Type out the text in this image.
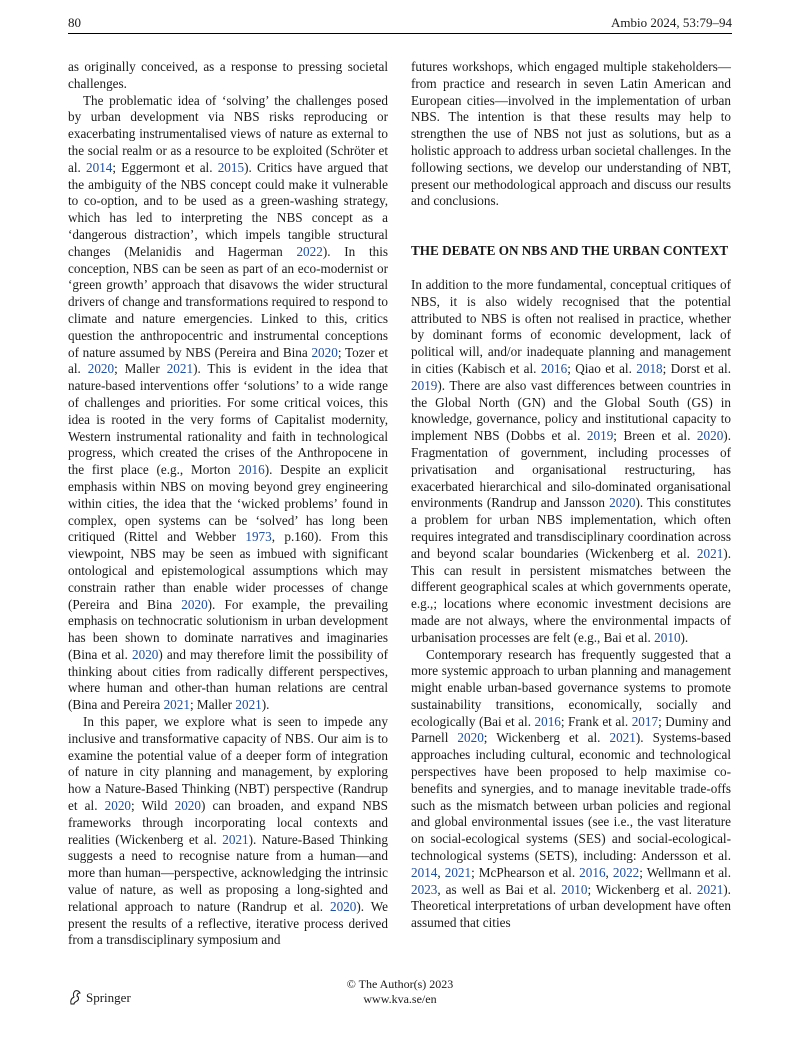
80	Ambio 2024, 53:79–94

as originally conceived, as a response to pressing societal challenges.

The problematic idea of ‘solving’ the challenges posed by urban development via NBS risks reproducing or exacerbating instrumentalised views of nature as external to the social realm or as a resource to be exploited (Schröter et al. 2014; Eggermont et al. 2015). Critics have argued that the ambiguity of the NBS concept could make it vulnerable to co-option, and to be used as a green-washing strategy, which has led to interpreting the NBS concept as a ‘dangerous distraction’, which impels tangible structural changes (Melanidis and Hagerman 2022). In this conception, NBS can be seen as part of an eco-modernist or ‘green growth’ approach that disavows the wider structural drivers of change and transformations required to respond to climate and nature emergencies. Linked to this, critics question the anthropocentric and instrumental conceptions of nature assumed by NBS (Pereira and Bina 2020; Tozer et al. 2020; Maller 2021). This is evident in the idea that nature-based interventions offer ‘solutions’ to a wide range of challenges and priorities. For some critical voices, this idea is rooted in the very forms of Capitalist modernity, Western instrumental rationality and faith in technological progress, which created the crises of the Anthropocene in the first place (e.g., Morton 2016). Despite an explicit emphasis within NBS on moving beyond grey engineering within cities, the idea that the ‘wicked problems’ found in complex, open systems can be ‘solved’ has long been critiqued (Rittel and Webber 1973, p.160). From this viewpoint, NBS may be seen as imbued with significant ontological and epistemological assumptions which may constrain rather than enable wider processes of change (Pereira and Bina 2020). For example, the prevailing emphasis on technocratic solutionism in urban development has been shown to dominate narratives and imaginaries (Bina et al. 2020) and may therefore limit the possibility of thinking about cities from radically different perspectives, where human and other-than human relations are central (Bina and Pereira 2021; Maller 2021).

In this paper, we explore what is seen to impede any inclusive and transformative capacity of NBS. Our aim is to examine the potential value of a deeper form of integration of nature in city planning and management, by exploring how a Nature-Based Thinking (NBT) perspective (Randrup et al. 2020; Wild 2020) can broaden, and expand NBS frameworks through incorporating local contexts and realities (Wickenberg et al. 2021). Nature-Based Thinking suggests a need to recognise nature from a human—and more than human—perspective, acknowledging the intrinsic value of nature, as well as proposing a long-sighted and relational approach to nature (Randrup et al. 2020). We present the results of a reflective, iterative process derived from a transdisciplinary symposium and

futures workshops, which engaged multiple stakeholders—from practice and research in seven Latin American and European cities—involved in the implementation of urban NBS. The intention is that these results may help to strengthen the use of NBS not just as solutions, but as a holistic approach to address urban societal challenges. In the following sections, we develop our understanding of NBT, present our methodological approach and discuss our results and conclusions.

THE DEBATE ON NBS AND THE URBAN CONTEXT

In addition to the more fundamental, conceptual critiques of NBS, it is also widely recognised that the potential attributed to NBS is often not realised in practice, whether by dominant forms of economic development, lack of political will, and/or inadequate planning and management in cities (Kabisch et al. 2016; Qiao et al. 2018; Dorst et al. 2019). There are also vast differences between countries in the Global North (GN) and the Global South (GS) in knowledge, governance, policy and institutional capacity to implement NBS (Dobbs et al. 2019; Breen et al. 2020). Fragmentation of government, including processes of privatisation and organisational restructuring, has exacerbated hierarchical and silo-dominated organisational environments (Randrup and Jansson 2020). This constitutes a problem for urban NBS implementation, which often requires integrated and transdisciplinary coordination across and beyond scalar boundaries (Wickenberg et al. 2021). This can result in persistent mismatches between the different geographical scales at which governments operate, e.g.,; locations where economic investment decisions are made are not always, where the environmental impacts of urbanisation processes are felt (e.g., Bai et al. 2010).

Contemporary research has frequently suggested that a more systemic approach to urban planning and management might enable urban-based governance systems to promote sustainability transitions, economically, socially and ecologically (Bai et al. 2016; Frank et al. 2017; Duminy and Parnell 2020; Wickenberg et al. 2021). Systems-based approaches including cultural, economic and technological perspectives have been proposed to help maximise co-benefits and synergies, and to manage inevitable trade-offs such as the mismatch between urban policies and regional and global environmental issues (see i.e., the vast literature on social-ecological systems (SES) and social-ecological-technological systems (SETS), including: Andersson et al. 2014, 2021; McPhearson et al. 2016, 2022; Wellmann et al. 2023, as well as Bai et al. 2010; Wickenberg et al. 2021). Theoretical interpretations of urban development have often assumed that cities

© The Author(s) 2023
www.kva.se/en
Springer
